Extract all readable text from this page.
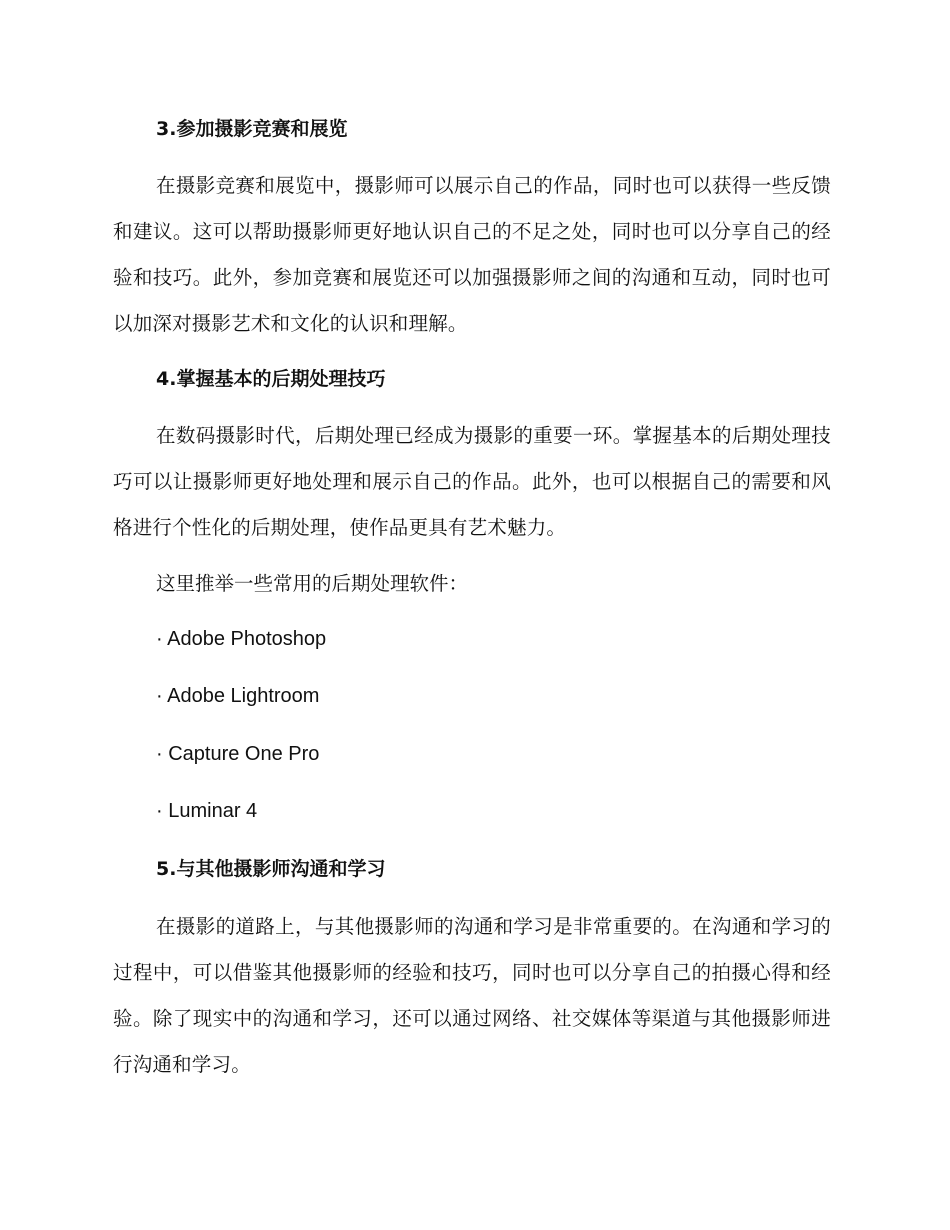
3.参加摄影竞赛和展览
在摄影竞赛和展览中，摄影师可以展示自己的作品，同时也可以获得一些反馈和建议。这可以帮助摄影师更好地认识自己的不足之处，同时也可以分享自己的经验和技巧。此外，参加竞赛和展览还可以加强摄影师之间的沟通和互动，同时也可以加深对摄影艺术和文化的认识和理解。
4.掌握基本的后期处理技巧
在数码摄影时代，后期处理已经成为摄影的重要一环。掌握基本的后期处理技巧可以让摄影师更好地处理和展示自己的作品。此外，也可以根据自己的需要和风格进行个性化的后期处理，使作品更具有艺术魅力。
这里推举一些常用的后期处理软件：
· Adobe Photoshop
· Adobe Lightroom
· Capture One Pro
· Luminar 4
5.与其他摄影师沟通和学习
在摄影的道路上，与其他摄影师的沟通和学习是非常重要的。在沟通和学习的过程中，可以借鉴其他摄影师的经验和技巧，同时也可以分享自己的拍摄心得和经验。除了现实中的沟通和学习，还可以通过网络、社交媒体等渠道与其他摄影师进行沟通和学习。
